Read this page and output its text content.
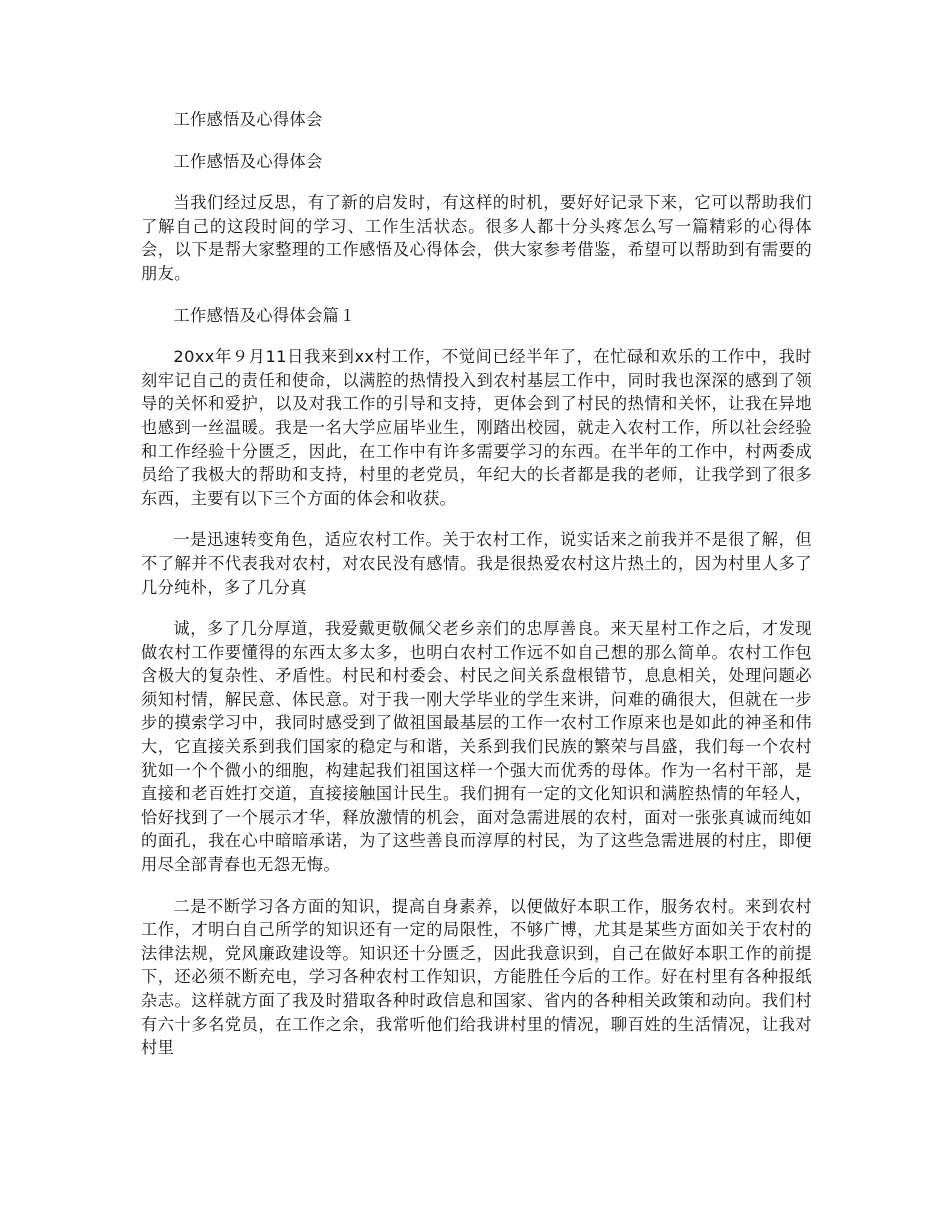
工作感悟及心得体会

工作感悟及心得体会

当我们经过反思，有了新的启发时，有这样的时机，要好好记录下来，它可以帮助我们了解自己的这段时间的学习、工作生活状态。很多人都十分头疼怎么写一篇精彩的心得体会，以下是帮大家整理的工作感悟及心得体会，供大家参考借鉴，希望可以帮助到有需要的朋友。

工作感悟及心得体会篇１

20xx年９月11日我来到xx村工作，不觉间已经半年了，在忙碌和欢乐的工作中，我时刻牢记自己的责任和使命，以满腔的热情投入到农村基层工作中，同时我也深深的感到了领导的关怀和爱护，以及对我工作的引导和支持，更体会到了村民的热情和关怀，让我在异地也感到一丝温暖。我是一名大学应届毕业生，刚踏出校园，就走入农村工作，所以社会经验和工作经验十分匮乏，因此，在工作中有许多需要学习的东西。在半年的工作中，村两委成员给了我极大的帮助和支持，村里的老党员，年纪大的长者都是我的老师，让我学到了很多东西，主要有以下三个方面的体会和收获。

一是迅速转变角色，适应农村工作。关于农村工作，说实话来之前我并不是很了解，但不了解并不代表我对农村，对农民没有感情。我是很热爱农村这片热土的，因为村里人多了几分纯朴，多了几分真

诚，多了几分厚道，我爱戴更敬佩父老乡亲们的忠厚善良。来天星村工作之后，才发现做农村工作要懂得的东西太多太多，也明白农村工作远不如自己想的那么简单。农村工作包含极大的复杂性、矛盾性。村民和村委会、村民之间关系盘根错节，息息相关，处理问题必须知村情，解民意、体民意。对于我一刚大学毕业的学生来讲，问难的确很大，但就在一步步的摸索学习中，我同时感受到了做祖国最基层的工作一农村工作原来也是如此的神圣和伟大，它直接关系到我们国家的稳定与和谐，关系到我们民族的繁荣与昌盛，我们每一个农村犹如一个个微小的细胞，构建起我们祖国这样一个强大而优秀的母体。作为一名村干部，是直接和老百姓打交道，直接接触国计民生。我们拥有一定的文化知识和满腔热情的年轻人，恰好找到了一个展示才华，释放激情的机会，面对急需进展的农村，面对一张张真诚而纯如的面孔，我在心中暗暗承诺，为了这些善良而淳厚的村民，为了这些急需进展的村庄，即便用尽全部青春也无怨无悔。

二是不断学习各方面的知识，提高自身素养，以便做好本职工作，服务农村。来到农村工作，才明白自己所学的知识还有一定的局限性，不够广博，尤其是某些方面如关于农村的法律法规，党风廉政建设等。知识还十分匮乏，因此我意识到，自己在做好本职工作的前提下，还必须不断充电，学习各种农村工作知识，方能胜任今后的工作。好在村里有各种报纸杂志。这样就方面了我及时猎取各种时政信息和国家、省内的各种相关政策和动向。我们村有六十多名党员，在工作之余，我常听他们给我讲村里的情况，聊百姓的生活情况，让我对村里
